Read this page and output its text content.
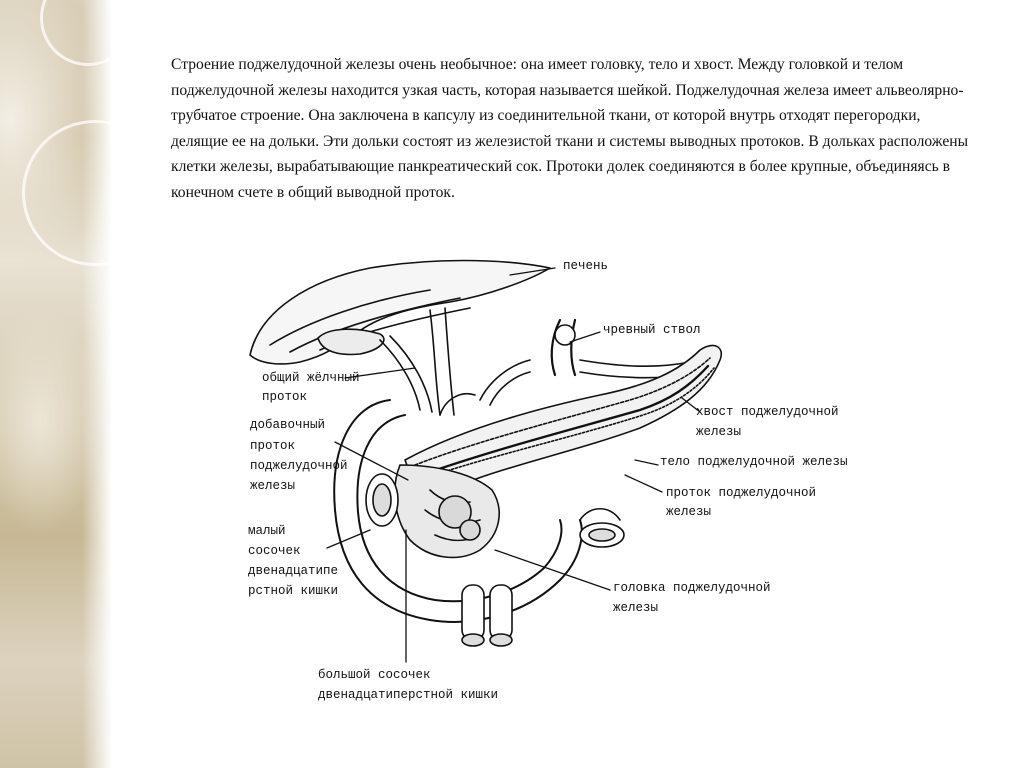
Строение поджелудочной железы очень необычное: она имеет головку, тело и хвост. Между головкой и телом поджелудочной железы находится узкая часть, которая называется шейкой. Поджелудочная железа имеет альвеолярно-трубчатое строение. Она заключена в капсулу из соединительной ткани, от которой внутрь отходят перегородки, делящие ее на дольки. Эти дольки состоят из железистой ткани и системы выводных протоков. В дольках расположены клетки железы, вырабатывающие панкреатический сок. Протоки долек соединяются в более крупные, объединяясь в конечном счете в общий выводной проток.
печень
чревный ствол
общий жёлчный
проток
добавочный
проток
поджелудочной
железы
хвост поджелудочной
железы
тело поджелудочной железы
проток поджелудочной
железы
малый
сосочек
двенадцатипе
рстной кишки	головка поджелудочной
железы
большой сосочек
двенадцатиперстной кишки
